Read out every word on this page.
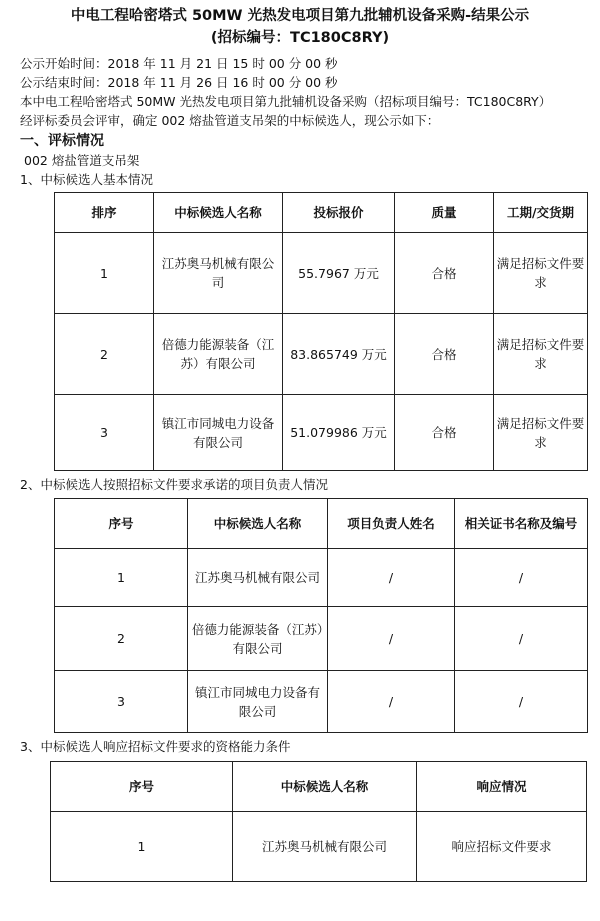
中电工程哈密塔式 50MW 光热发电项目第九批辅机设备采购-结果公示
(招标编号：TC180C8RY)
公示开始时间：2018 年 11 月 21 日 15 时 00 分 00 秒
公示结束时间：2018 年 11 月 26 日 16 时 00 分 00 秒
本中电工程哈密塔式 50MW 光热发电项目第九批辅机设备采购（招标项目编号：TC180C8RY）
经评标委员会评审，确定 002 熔盐管道支吊架的中标候选人，现公示如下：
一、评标情况
002 熔盐管道支吊架
1、中标候选人基本情况
排序	中标候选人名称	投标报价	质量	工期/交货期
1	江苏奥马机械有限公司	55.7967 万元	合格	满足招标文件要求
2	倍德力能源装备（江苏）有限公司	83.865749 万元	合格	满足招标文件要求
3	镇江市同城电力设备有限公司	51.079986 万元	合格	满足招标文件要求
2、中标候选人按照招标文件要求承诺的项目负责人情况
序号	中标候选人名称	项目负责人姓名	相关证书名称及编号
1	江苏奥马机械有限公司	/	/
2	倍德力能源装备（江苏）有限公司	/	/
3	镇江市同城电力设备有限公司	/	/
3、中标候选人响应招标文件要求的资格能力条件
序号	中标候选人名称	响应情况
1	江苏奥马机械有限公司	响应招标文件要求
